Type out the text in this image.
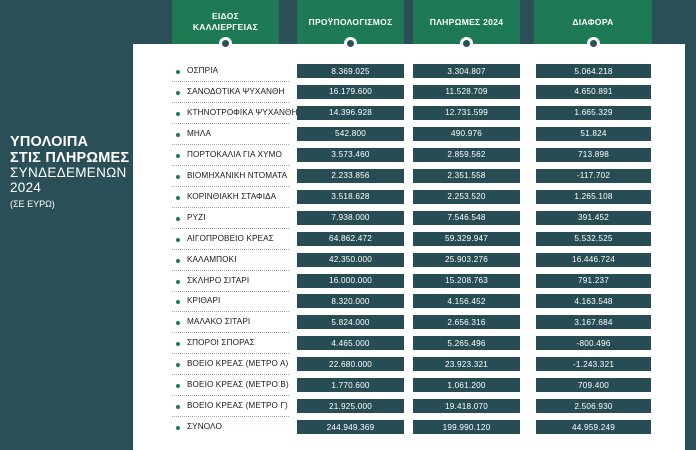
ΥΠΟΛΟΙΠΑ
ΣΤΙΣ ΠΛΗΡΩΜΕΣ
ΣΥΝΔΕΔΕΜΕΝΩΝ
2024
(ΣΕ ΕΥΡΩ)
ΕΙΔΟΣ
ΚΑΛΛΙΕΡΓΕΙΑΣ
ΠΡΟΫΠΟΛΟΓΙΣΜΟΣ	ΠΛΗΡΩΜΕΣ 2024	ΔΙΑΦΟΡΑ
ΟΣΠΡΙΑ	8.369.025	3.304.807	5.064.218
ΣΑΝΟΔΟΤΙΚΑ ΨΥΧΑΝΘΗ	16.179.600	11.528.709	4.650.891
ΚΤΗΝΟΤΡΟΦΙΚΑ ΨΥΧΑΝΘΗ	14.396.928	12.731.599	1.665.329
ΜΗΛΑ	542.800	490.976	51.824
ΠΟΡΤΟΚΑΛΙΑ ΓΙΑ ΧΥΜΟ	3.573.460	2.859.562	713.898
ΒΙΟΜΗΧΑΝΙΚΗ ΝΤΟΜΑΤΑ	2.233.856	2.351.558	-117.702
ΚΟΡΙΝΘΙΑΚΗ ΣΤΑΦΙΔΑ	3.518.628	2.253.520	1.265.108
ΡΥΖΙ	7.938.000	7.546.548	391.452
ΑΙΓΟΠΡΟΒΕΙΟ ΚΡΕΑΣ	64.862.472	59.329.947	5.532.525
ΚΑΛΑΜΠΟΚΙ	42.350.000	25.903.276	16.446.724
ΣΚΛΗΡΟ ΣΙΤΑΡΙ	16.000.000	15.208.763	791.237
ΚΡΙΘΑΡΙ	8.320.000	4.156.452	4.163.548
ΜΑΛΑΚΟ ΣΙΤΑΡΙ	5.824.000	2.656.316	3.167.684
ΣΠΟΡΟΙ ΣΠΟΡΑΣ	4.465.000	5.265.496	-800.496
ΒΟΕΙΟ ΚΡΕΑΣ (ΜΕΤΡΟ Α)	22.680.000	23.923.321	-1.243.321
ΒΟΕΙΟ ΚΡΕΑΣ (ΜΕΤΡΟ Β)	1.770.600	1.061.200	709.400
ΒΟΕΙΟ ΚΡΕΑΣ (ΜΕΤΡΟ Γ)	21.925.000	19.418.070	2.506.930
ΣΥΝΟΛΟ	244.949.369	199.990.120	44.959.249
